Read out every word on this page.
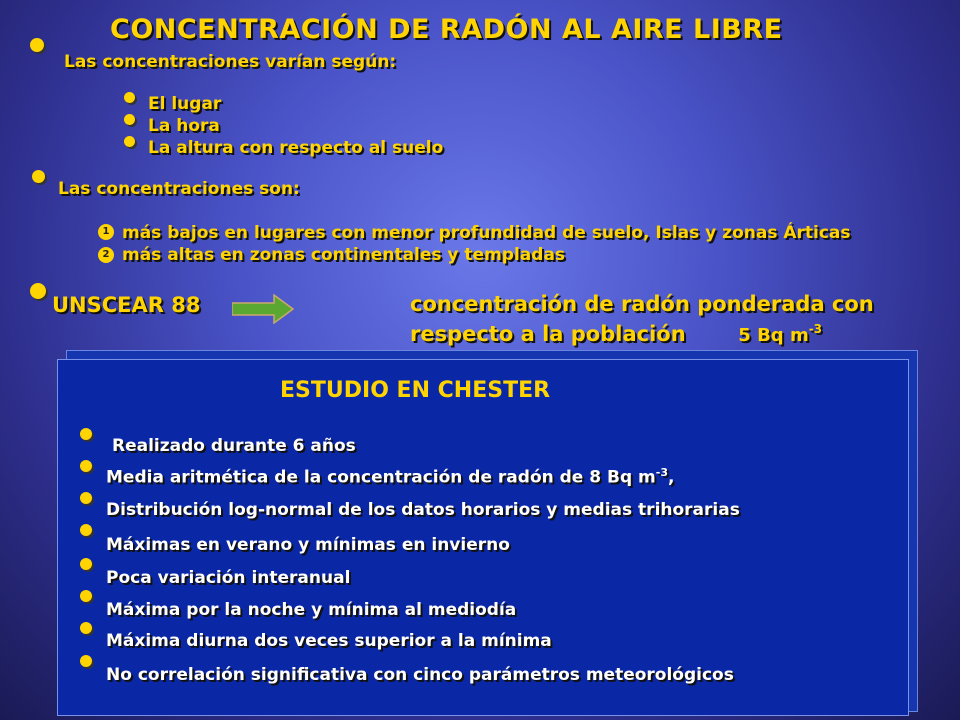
CONCENTRACIÓN DE RADÓN AL AIRE LIBRE
Las concentraciones varían según:
El lugar
La hora
La altura con respecto al suelo
Las concentraciones son:
1 más bajos en lugares con menor profundidad de suelo, Islas y zonas Árticas
2 más altas en zonas continentales y templadas
UNSCEAR 88	concentración de radón ponderada con
respecto a la población	5 Bq $m^{-3}$
ESTUDIO EN CHESTER
Realizado durante 6 años
Media aritmética de la concentración de radón de 8 Bq $m^{-3}$,
Distribución log-normal de los datos horarios y medias trihorarias
Máximas en verano y mínimas en invierno
Poca variación interanual
Máxima por la noche y mínima al mediodía
Máxima diurna dos veces superior a la mínima
No correlación significativa con cinco parámetros meteorológicos
